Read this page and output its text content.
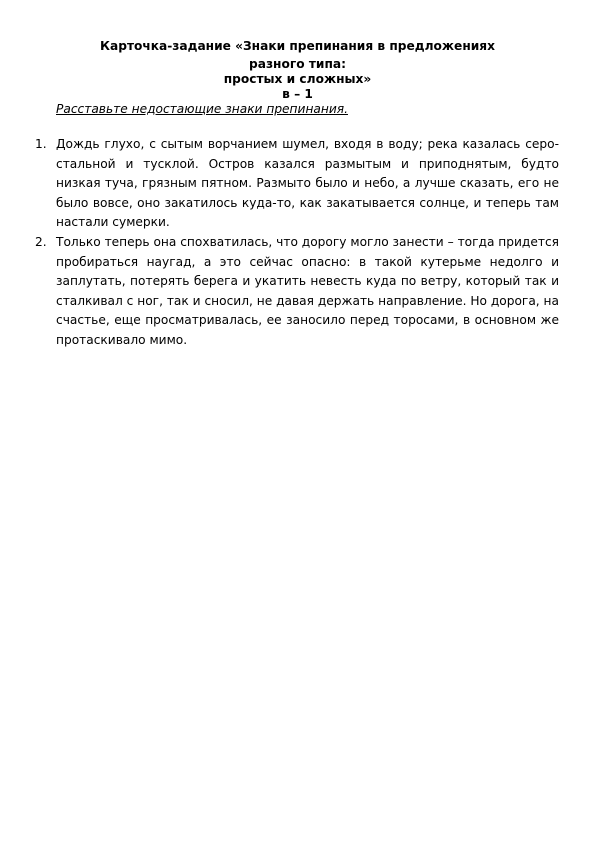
Карточка-задание «Знаки препинания в предложениях
разного типа:
простых и сложных»
в – 1
Расставьте недостающие знаки препинания.
1. Дождь глухо, с сытым ворчанием шумел, входя в воду; река казалась серо-стальной и тусклой. Остров казался размытым и приподнятым, будто низкая туча, грязным пятном. Размыто было и небо, а лучше сказать, его не было вовсе, оно закатилось куда-то, как закатывается солнце, и теперь там настали сумерки.
2. Только теперь она спохватилась, что дорогу могло занести – тогда придется пробираться наугад, а это сейчас опасно: в такой кутерьме недолго и заплутать, потерять берега и укатить невесть куда по ветру, который так и сталкивал с ног, так и сносил, не давая держать направление. Но дорога, на счастье, еще просматривалась, ее заносило перед торосами, в основном же протаскивало мимо.
